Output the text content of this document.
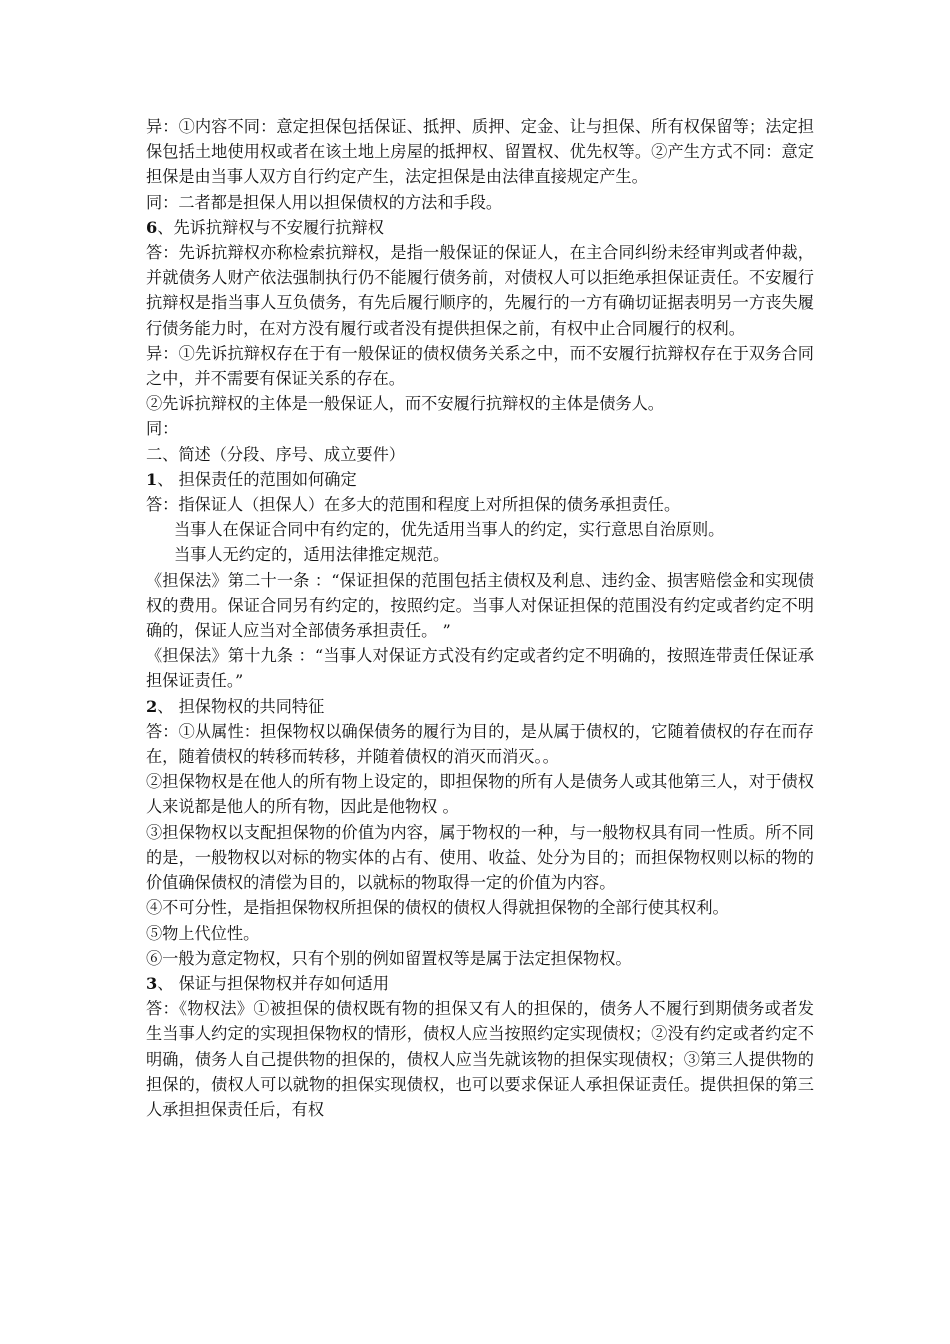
异：①内容不同：意定担保包括保证、抵押、质押、定金、让与担保、所有权保留等；法定担保包括土地使用权或者在该土地上房屋的抵押权、留置权、优先权等。②产生方式不同：意定担保是由当事人双方自行约定产生，法定担保是由法律直接规定产生。

同：二者都是担保人用以担保债权的方法和手段。

6、先诉抗辩权与不安履行抗辩权

答：先诉抗辩权亦称检索抗辩权，是指一般保证的保证人，在主合同纠纷未经审判或者仲裁，并就债务人财产依法强制执行仍不能履行债务前，对债权人可以拒绝承担保证责任。不安履行抗辩权是指当事人互负债务，有先后履行顺序的，先履行的一方有确切证据表明另一方丧失履行债务能力时，在对方没有履行或者没有提供担保之前，有权中止合同履行的权利。

异：①先诉抗辩权存在于有一般保证的债权债务关系之中，而不安履行抗辩权存在于双务合同之中，并不需要有保证关系的存在。

②先诉抗辩权的主体是一般保证人，而不安履行抗辩权的主体是债务人。

同：

二、简述（分段、序号、成立要件）

1、 担保责任的范围如何确定

答：指保证人（担保人）在多大的范围和程度上对所担保的债务承担责任。

当事人在保证合同中有约定的，优先适用当事人的约定，实行意思自治原则。

当事人无约定的，适用法律推定规范。

《担保法》第二十一条 ：“保证担保的范围包括主债权及利息、违约金、损害赔偿金和实现债权的费用。保证合同另有约定的，按照约定。当事人对保证担保的范围没有约定或者约定不明确的，保证人应当对全部债务承担责任。 ”

《担保法》第十九条 ：“当事人对保证方式没有约定或者约定不明确的，按照连带责任保证承担保证责任。”

2、 担保物权的共同特征

答：①从属性：担保物权以确保债务的履行为目的，是从属于债权的，它随着债权的存在而存在，随着债权的转移而转移，并随着债权的消灭而消灭。。

②担保物权是在他人的所有物上设定的，即担保物的所有人是债务人或其他第三人，对于债权人来说都是他人的所有物，因此是他物权 。

③担保物权以支配担保物的价值为内容，属于物权的一种，与一般物权具有同一性质。所不同的是，一般物权以对标的物实体的占有、使用、收益、处分为目的；而担保物权则以标的物的价值确保债权的清偿为目的，以就标的物取得一定的价值为内容。

④不可分性，是指担保物权所担保的债权的债权人得就担保物的全部行使其权利。

⑤物上代位性。

⑥一般为意定物权，只有个别的例如留置权等是属于法定担保物权。

3、 保证与担保物权并存如何适用

答：《物权法》①被担保的债权既有物的担保又有人的担保的，债务人不履行到期债务或者发生当事人约定的实现担保物权的情形，债权人应当按照约定实现债权；②没有约定或者约定不明确，债务人自己提供物的担保的，债权人应当先就该物的担保实现债权；③第三人提供物的担保的，债权人可以就物的担保实现债权，也可以要求保证人承担保证责任。提供担保的第三人承担担保责任后，有权
